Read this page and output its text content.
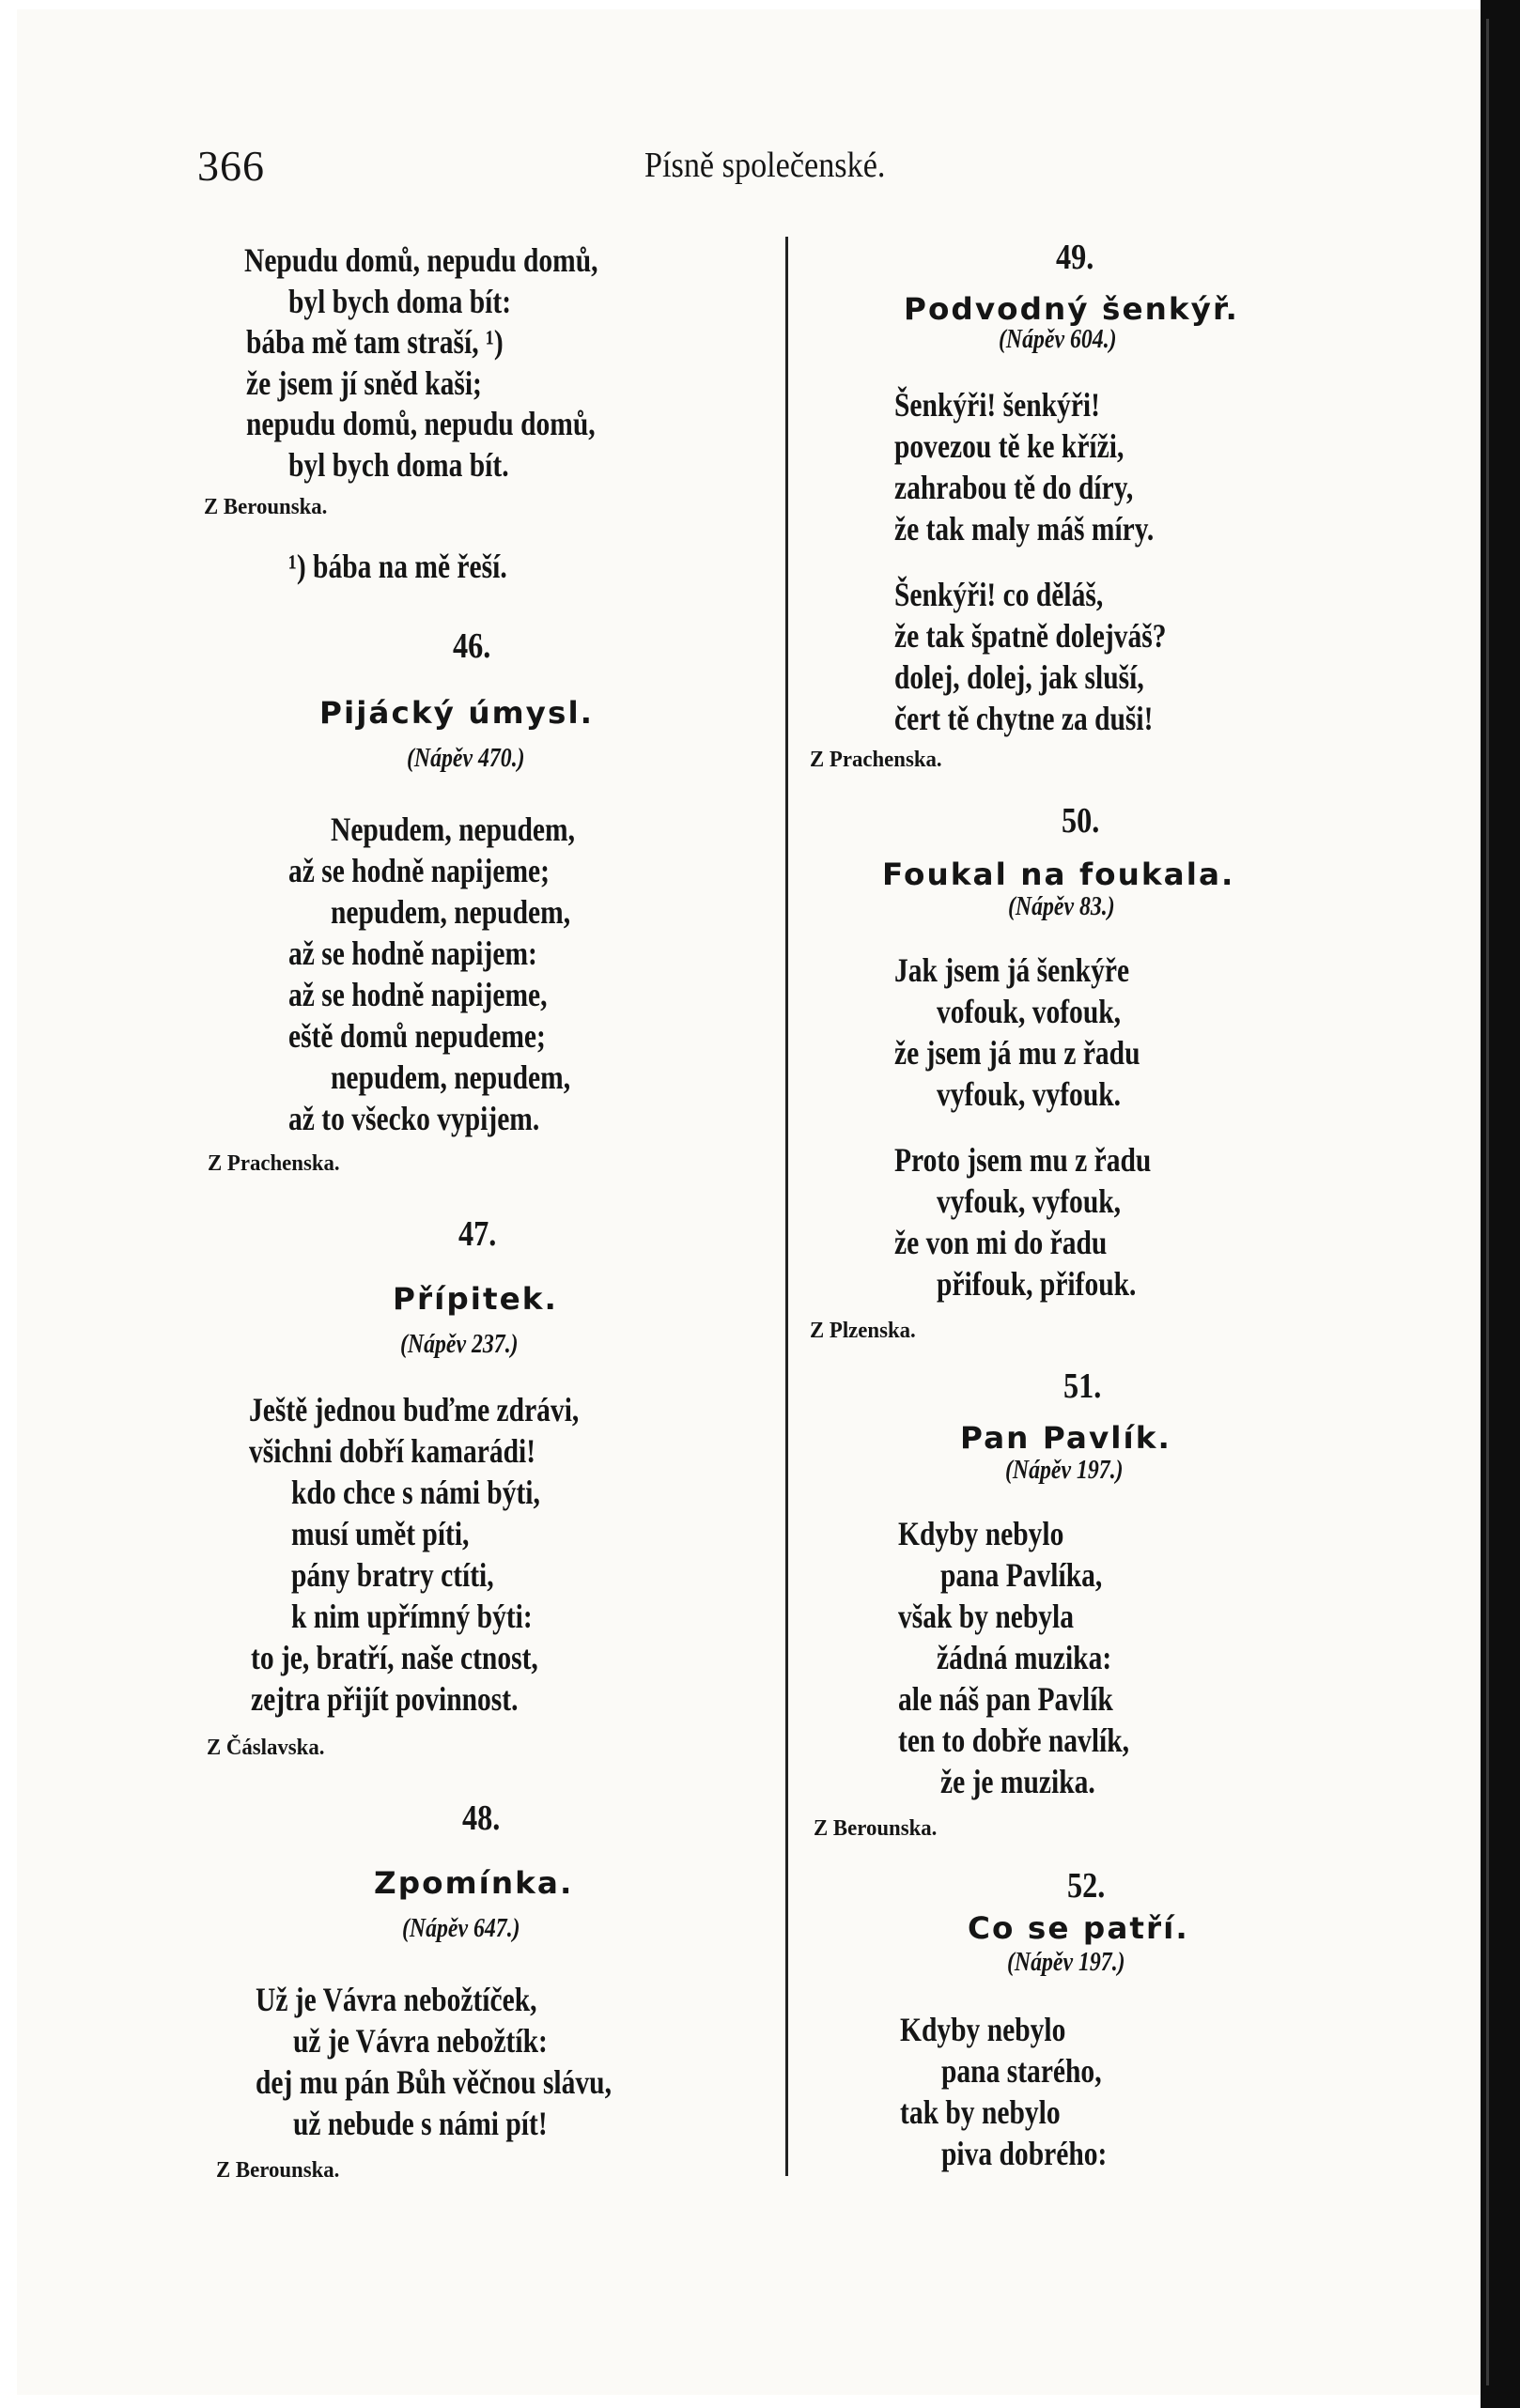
366	Písně společenské.
Nepudu domů, nepudu domů,
byl bych doma bít:
bába mě tam straší, ¹)
že jsem jí sněd kaši;
nepudu domů, nepudu domů,
byl bych doma bít.
Z Berounska.
¹) bába na mě řeší.
46.
Pijácký úmysl.
(Nápěv 470.)
Nepudem, nepudem,
až se hodně napijeme;
nepudem, nepudem,
až se hodně napijem:
až se hodně napijeme,
eště domů nepudeme;
nepudem, nepudem,
až to všecko vypijem.
Z Prachenska.
47.
Přípitek.
(Nápěv 237.)
Ještě jednou buďme zdrávi,
všichni dobří kamarádi!
kdo chce s námi býti,
musí umět píti,
pány bratry ctíti,
k nim upřímný býti:
to je, bratří, naše ctnost,
zejtra přijít povinnost.
Z Čáslavska.
48.
Zpomínka.
(Nápěv 647.)
Už je Vávra nebožtíček,
už je Vávra nebožtík:
dej mu pán Bůh věčnou slávu,
už nebude s námi pít!
Z Berounska.
49.
Podvodný šenkýř.
(Nápěv 604.)
Šenkýři! šenkýři!
povezou tě ke kříži,
zahrabou tě do díry,
že tak maly máš míry.
Šenkýři! co děláš,
že tak špatně dolejváš?
dolej, dolej, jak sluší,
čert tě chytne za duši!
Z Prachenska.
50.
Foukal na foukala.
(Nápěv 83.)
Jak jsem já šenkýře
vofouk, vofouk,
že jsem já mu z řadu
vyfouk, vyfouk.
Proto jsem mu z řadu
vyfouk, vyfouk,
že von mi do řadu
přifouk, přifouk.
Z Plzenska.
51.
Pan Pavlík.
(Nápěv 197.)
Kdyby nebylo
pana Pavlíka,
však by nebyla
žádná muzika:
ale náš pan Pavlík
ten to dobře navlík,
že je muzika.
Z Berounska.
52.
Co se patří.
(Nápěv 197.)
Kdyby nebylo
pana starého,
tak by nebylo
piva dobrého:
